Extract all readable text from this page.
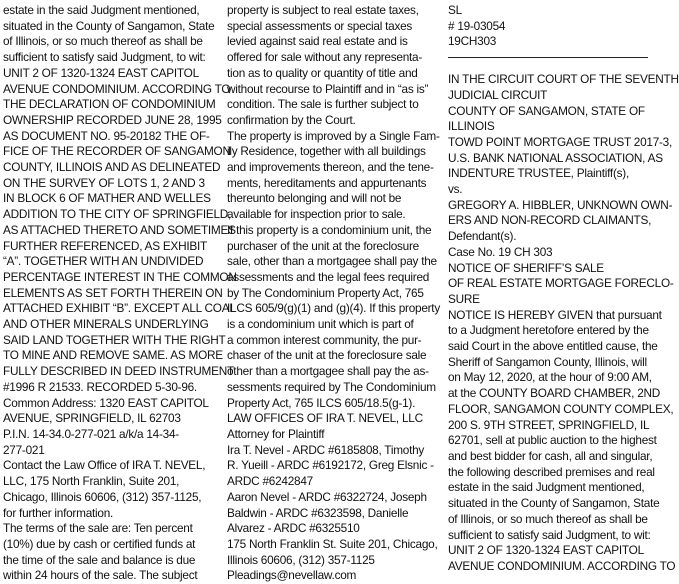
estate in the said Judgment mentioned,
situated in the County of Sangamon, State
of Illinois, or so much thereof as shall be
sufficient to satisfy said Judgment, to wit:
UNIT 2 OF 1320-1324 EAST CAPITOL
AVENUE CONDOMINIUM. ACCORDING TO
THE DECLARATION OF CONDOMINIUM
OWNERSHIP RECORDED JUNE 28, 1995
AS DOCUMENT NO. 95-20182 THE OF-
FICE OF THE RECORDER OF SANGAMON
COUNTY, ILLINOIS AND AS DELINEATED
ON THE SURVEY OF LOTS 1, 2 AND 3
IN BLOCK 6 OF MATHER AND WELLES
ADDITION TO THE CITY OF SPRINGFIELD,
AS ATTACHED THERETO AND SOMETIMES
FURTHER REFERENCED, AS EXHIBIT
“A”. TOGETHER WITH AN UNDIVIDED
PERCENTAGE INTEREST IN THE COMMON
ELEMENTS AS SET FORTH THEREIN ON
ATTACHED EXHIBIT “B”. EXCEPT ALL COAL
AND OTHER MINERALS UNDERLYING
SAID LAND TOGETHER WITH THE RIGHT
TO MINE AND REMOVE SAME. AS MORE
FULLY DESCRIBED IN DEED INSTRUMENT
#1996 R 21533. RECORDED 5-30-96.
Common Address: 1320 EAST CAPITOL
AVENUE, SPRINGFIELD, IL 62703
P.I.N. 14-34.0-277-021 a/k/a 14-34-
277-021
Contact the Law Office of IRA T. NEVEL,
LLC, 175 North Franklin, Suite 201,
Chicago, Illinois 60606, (312) 357-1125,
for further information.
The terms of the sale are: Ten percent
(10%) due by cash or certified funds at
the time of the sale and balance is due
within 24 hours of the sale. The subject
property is subject to real estate taxes,
special assessments or special taxes
levied against said real estate and is
offered for sale without any representa-
tion as to quality or quantity of title and
without recourse to Plaintiff and in “as is”
condition. The sale is further subject to
confirmation by the Court.
The property is improved by a Single Fam-
ily Residence, together with all buildings
and improvements thereon, and the tene-
ments, hereditaments and appurtenants
thereunto belonging and will not be
available for inspection prior to sale.
If this property is a condominium unit, the
purchaser of the unit at the foreclosure
sale, other than a mortgagee shall pay the
assessments and the legal fees required
by The Condominium Property Act, 765
ILCS 605/9(g)(1) and (g)(4). If this property
is a condominium unit which is part of
a common interest community, the pur-
chaser of the unit at the foreclosure sale
other than a mortgagee shall pay the as-
sessments required by The Condominium
Property Act, 765 ILCS 605/18.5(g-1).
LAW OFFICES OF IRA T. NEVEL, LLC
Attorney for Plaintiff
Ira T. Nevel - ARDC #6185808, Timothy
R. Yueill - ARDC #6192172, Greg Elsnic -
ARDC #6242847
Aaron Nevel - ARDC #6322724, Joseph
Baldwin - ARDC #6323598, Danielle
Alvarez - ARDC #6325510
175 North Franklin St. Suite 201, Chicago,
Illinois 60606, (312) 357-1125
Pleadings@nevellaw.com
SL
# 19-03054
19CH303
IN THE CIRCUIT COURT OF THE SEVENTH
JUDICIAL CIRCUIT
COUNTY OF SANGAMON, STATE OF
ILLINOIS
TOWD POINT MORTGAGE TRUST 2017-3,
U.S. BANK NATIONAL ASSOCIATION, AS
INDENTURE TRUSTEE, Plaintiff(s),
vs.
GREGORY A. HIBBLER, UNKNOWN OWN-
ERS AND NON-RECORD CLAIMANTS,
Defendant(s).
Case No. 19 CH 303
NOTICE OF SHERIFF’S SALE
OF REAL ESTATE MORTGAGE FORECLO-
SURE
NOTICE IS HEREBY GIVEN that pursuant
to a Judgment heretofore entered by the
said Court in the above entitled cause, the
Sheriff of Sangamon County, Illinois, will
on May 12, 2020, at the hour of 9:00 AM,
at the COUNTY BOARD CHAMBER, 2ND
FLOOR, SANGAMON COUNTY COMPLEX,
200 S. 9TH STREET, SPRINGFIELD, IL
62701, sell at public auction to the highest
and best bidder for cash, all and singular,
the following described premises and real
estate in the said Judgment mentioned,
situated in the County of Sangamon, State
of Illinois, or so much thereof as shall be
sufficient to satisfy said Judgment, to wit:
UNIT 2 OF 1320-1324 EAST CAPITOL
AVENUE CONDOMINIUM. ACCORDING TO
